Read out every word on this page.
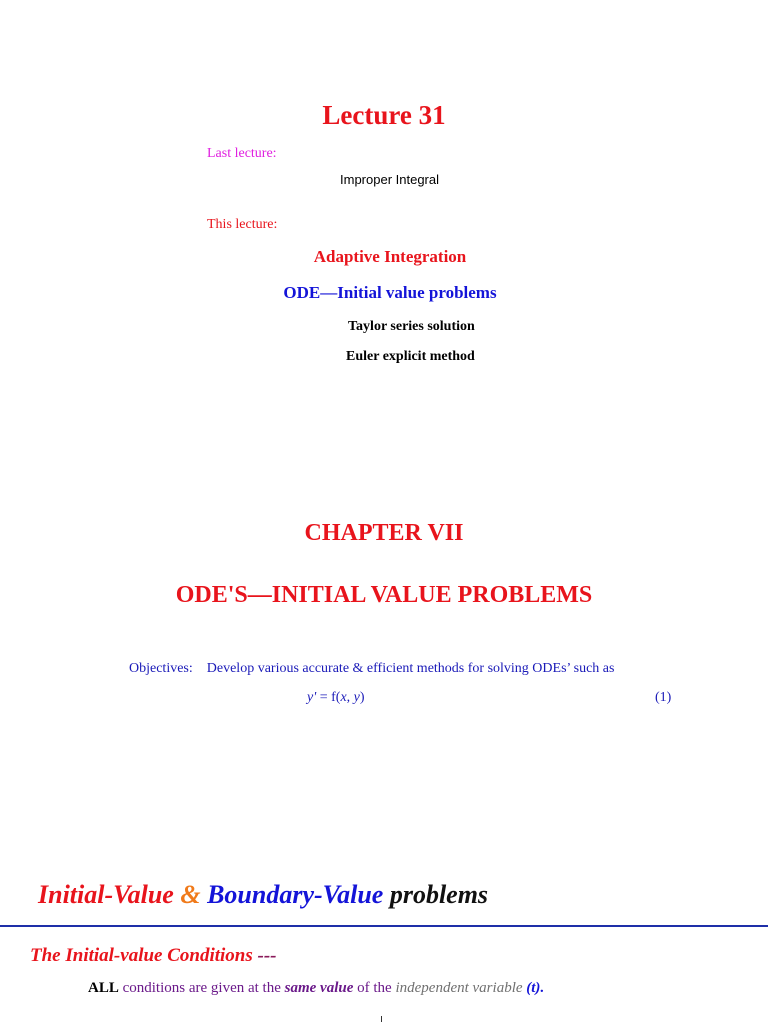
Lecture 31
Last lecture:
Improper Integral
This lecture:
Adaptive Integration
ODE—Initial value problems
Taylor series solution
Euler explicit method
CHAPTER VII
ODE'S—INITIAL VALUE PROBLEMS
Objectives: Develop various accurate & efficient methods for solving ODEs’ such as
y' = f(x, y)	(1)
Initial-Value & Boundary-Value problems
The Initial-value Conditions ---
ALL conditions are given at the same value of the independent variable (t).
